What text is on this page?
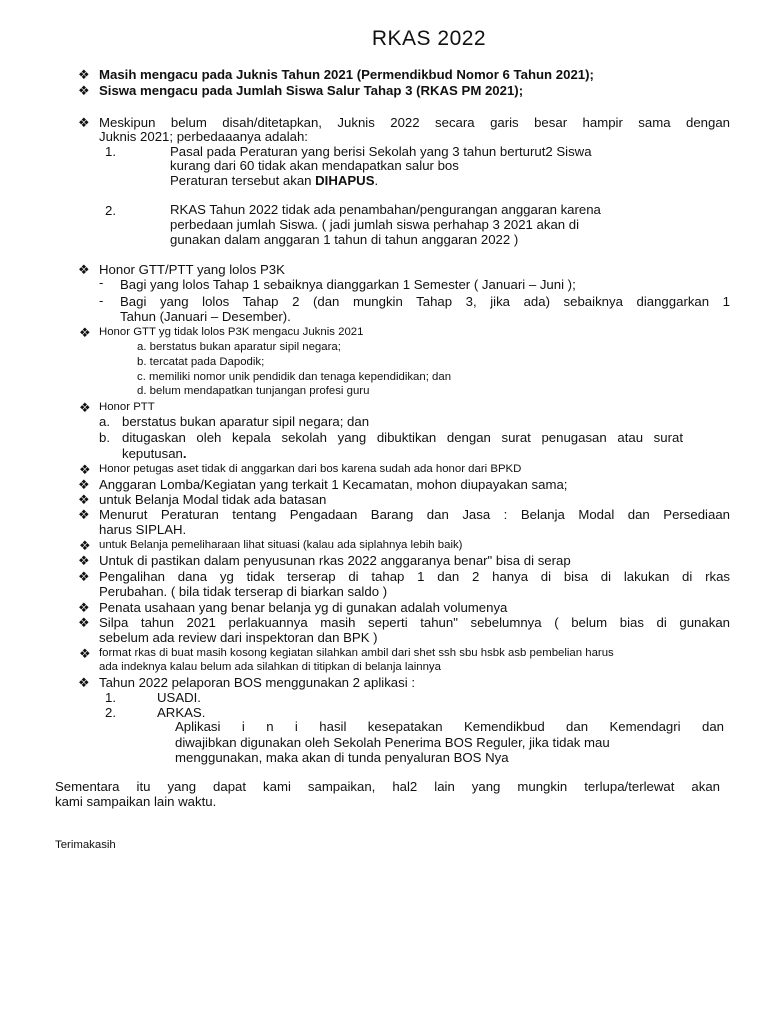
RKAS 2022
❖ Masih mengacu pada Juknis Tahun 2021 (Permendikbud Nomor 6 Tahun 2021);
❖ Siswa mengacu pada Jumlah Siswa Salur Tahap 3 (RKAS PM 2021);
❖ Meskipun belum disah/ditetapkan, Juknis 2022 secara garis besar hampir sama dengan
Juknis 2021; perbedaaanya adalah:
1.	Pasal pada Peraturan yang berisi Sekolah yang 3 tahun berturut2 Siswa
kurang dari 60 tidak akan mendapatkan salur bos
Peraturan tersebut akan DIHAPUS.
2.	RKAS Tahun 2022 tidak ada penambahan/pengurangan anggaran karena
perbedaan jumlah Siswa. ( jadi jumlah siswa perhahap 3 2021 akan di
gunakan dalam anggaran 1 tahun di tahun anggaran 2022 )
❖ Honor GTT/PTT yang lolos P3K
- Bagi yang lolos Tahap 1 sebaiknya dianggarkan 1 Semester ( Januari – Juni );
- Bagi yang lolos Tahap 2 (dan mungkin Tahap 3, jika ada) sebaiknya dianggarkan 1
Tahun (Januari – Desember).
❖ Honor GTT yg tidak lolos P3K mengacu Juknis 2021
a. berstatus bukan aparatur sipil negara;
b. tercatat pada Dapodik;
c. memiliki nomor unik pendidik dan tenaga kependidikan; dan
d. belum mendapatkan tunjangan profesi guru
❖ Honor PTT
a. berstatus bukan aparatur sipil negara; dan
b. ditugaskan oleh kepala sekolah yang dibuktikan dengan surat penugasan atau surat
keputusan.
❖ Honor petugas aset tidak di anggarkan dari bos karena sudah ada honor dari BPKD
❖ Anggaran Lomba/Kegiatan yang terkait 1 Kecamatan, mohon diupayakan sama;
❖ untuk Belanja Modal tidak ada batasan
❖ Menurut Peraturan tentang Pengadaan Barang dan Jasa : Belanja Modal dan Persediaan
harus SIPLAH.
❖ untuk Belanja pemeliharaan lihat situasi (kalau ada siplahnya lebih baik)
❖ Untuk di pastikan dalam penyusunan rkas 2022 anggaranya benar" bisa di serap
❖ Pengalihan dana yg tidak terserap di tahap 1 dan 2 hanya di bisa di lakukan di rkas
Perubahan. ( bila tidak terserap di biarkan saldo )
❖ Penata usahaan yang benar belanja yg di gunakan adalah volumenya
❖ Silpa tahun 2021 perlakuannya masih seperti tahun" sebelumnya ( belum bias di gunakan
sebelum ada review dari inspektoran dan BPK )
❖ format rkas di buat masih kosong kegiatan silahkan ambil dari shet ssh sbu hsbk asb pembelian harus
ada indeknya kalau belum ada silahkan di titipkan di belanja lainnya
❖ Tahun 2022 pelaporan BOS menggunakan 2 aplikasi :
1.	USADI.
2.	ARKAS.
Aplikasi i n i hasil kesepatakan Kemendikbud dan Kemendagri dan
diwajibkan digunakan oleh Sekolah Penerima BOS Reguler, jika tidak mau
menggunakan, maka akan di tunda penyaluran BOS Nya
Sementara itu yang dapat kami sampaikan, hal2 lain yang mungkin terlupa/terlewat akan
kami sampaikan lain waktu.
Terimakasih
